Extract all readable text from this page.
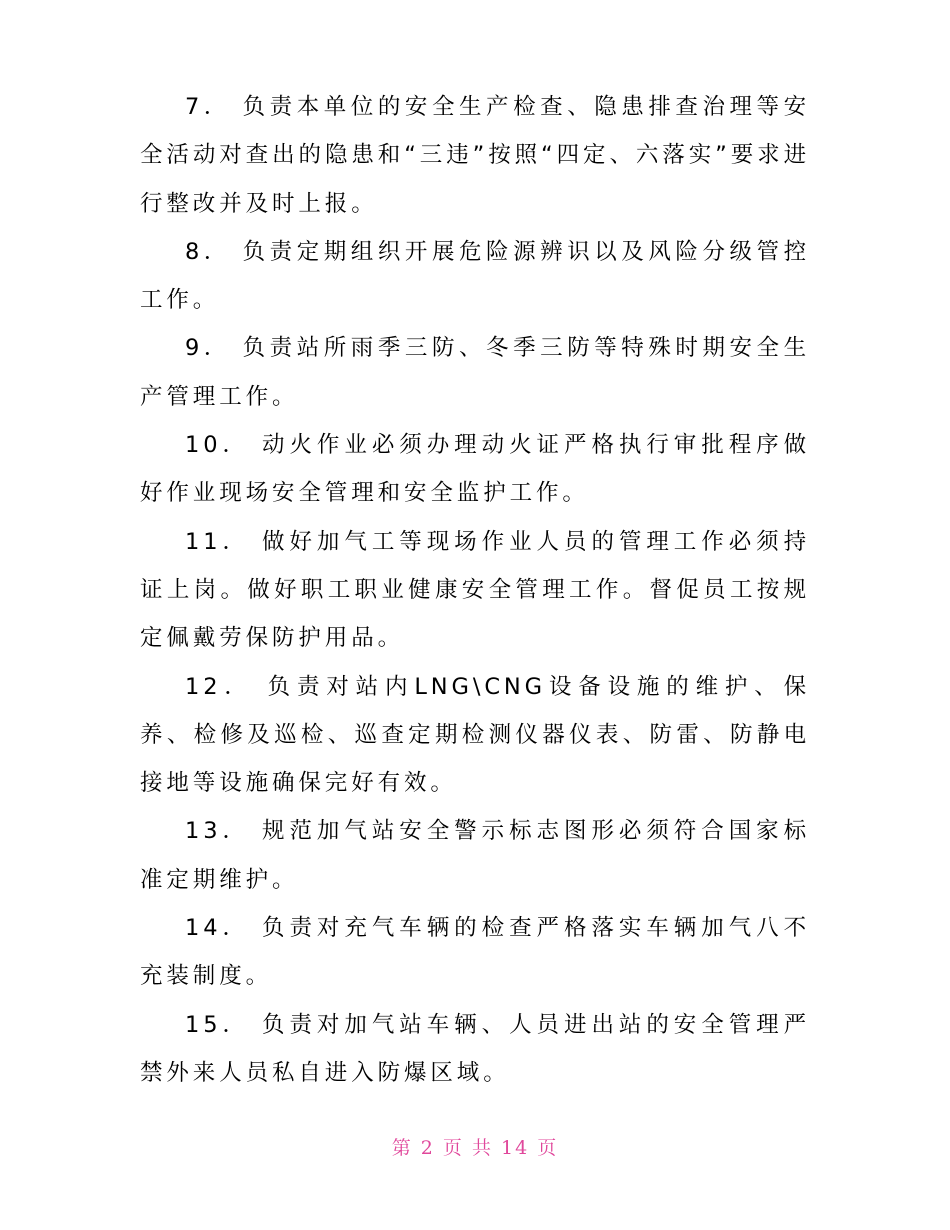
7． 负责本单位的安全生产检查、隐患排查治理等安全活动对查出的隐患和“三违”按照“四定、六落实”要求进行整改并及时上报。

8． 负责定期组织开展危险源辨识以及风险分级管控工作。

9． 负责站所雨季三防、冬季三防等特殊时期安全生产管理工作。

10． 动火作业必须办理动火证严格执行审批程序做好作业现场安全管理和安全监护工作。

11． 做好加气工等现场作业人员的管理工作必须持证上岗。做好职工职业健康安全管理工作。督促员工按规定佩戴劳保防护用品。

12． 负责对站内LNG\CNG设备设施的维护、保养、检修及巡检、巡查定期检测仪器仪表、防雷、防静电接地等设施确保完好有效。

13． 规范加气站安全警示标志图形必须符合国家标准定期维护。

14． 负责对充气车辆的检查严格落实车辆加气八不充装制度。

15． 负责对加气站车辆、人员进出站的安全管理严禁外来人员私自进入防爆区域。

第 2 页 共 14 页
